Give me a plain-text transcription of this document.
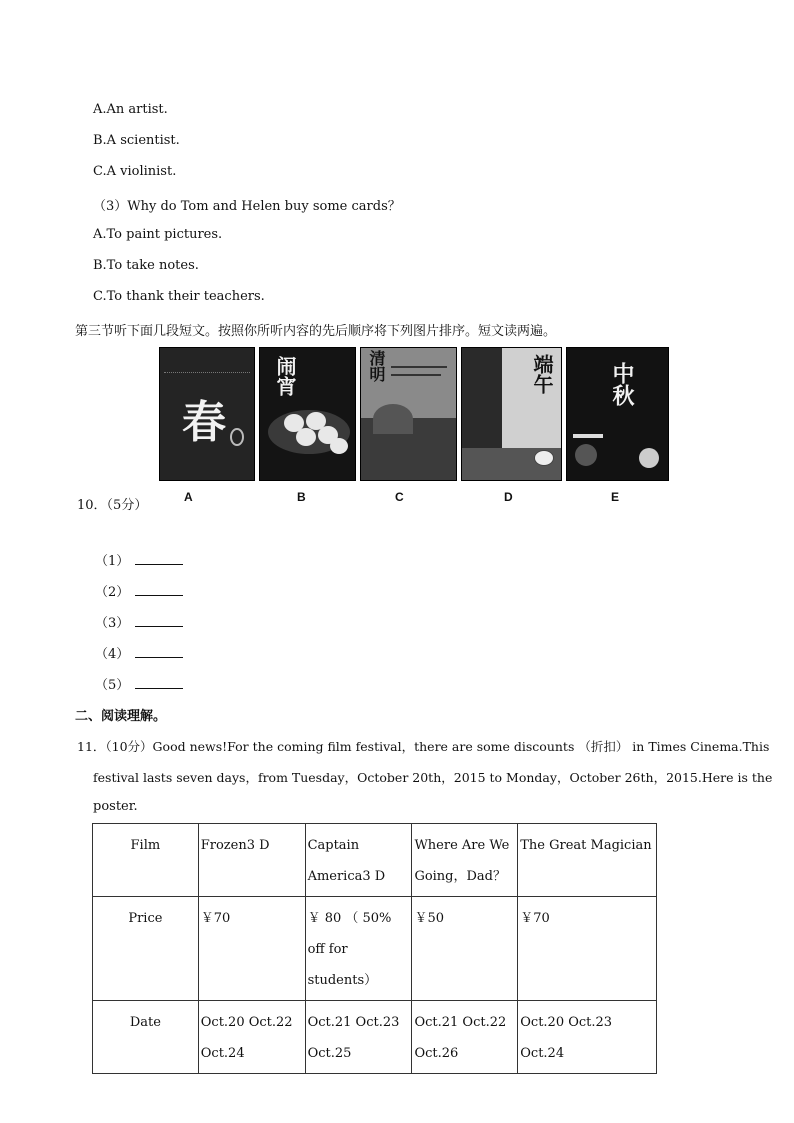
A.An artist.
B.A scientist.
C.A violinist.
（3）Why do Tom and Helen buy some cards？
A.To paint pictures.
B.To take notes.
C.To thank their teachers.
第三节听下面几段短文。按照你所听内容的先后顺序将下列图片排序。短文读两遍。
春
闹宵	清明	端午	中秋
A	B	C	D	E
10．（5分）
（1）
（2）
（3）
（4）
（5）
二、阅读理解。
11．（10分）Good news!For the coming film festival，there are some discounts （折扣） in Times Cinema.This
festival lasts seven days，from Tuesday，October 20th，2015 to Monday，October 26th，2015.Here is the
poster.
Film	Frozen3 D	Captain America3 D	Where Are We Going，Dad？	The Great Magician
Price	￥70	￥ 80 （ 50% off for students）	￥50	￥70
Date	Oct.20 Oct.22 Oct.24	Oct.21 Oct.23 Oct.25	Oct.21 Oct.22 Oct.26	Oct.20 Oct.23 Oct.24
